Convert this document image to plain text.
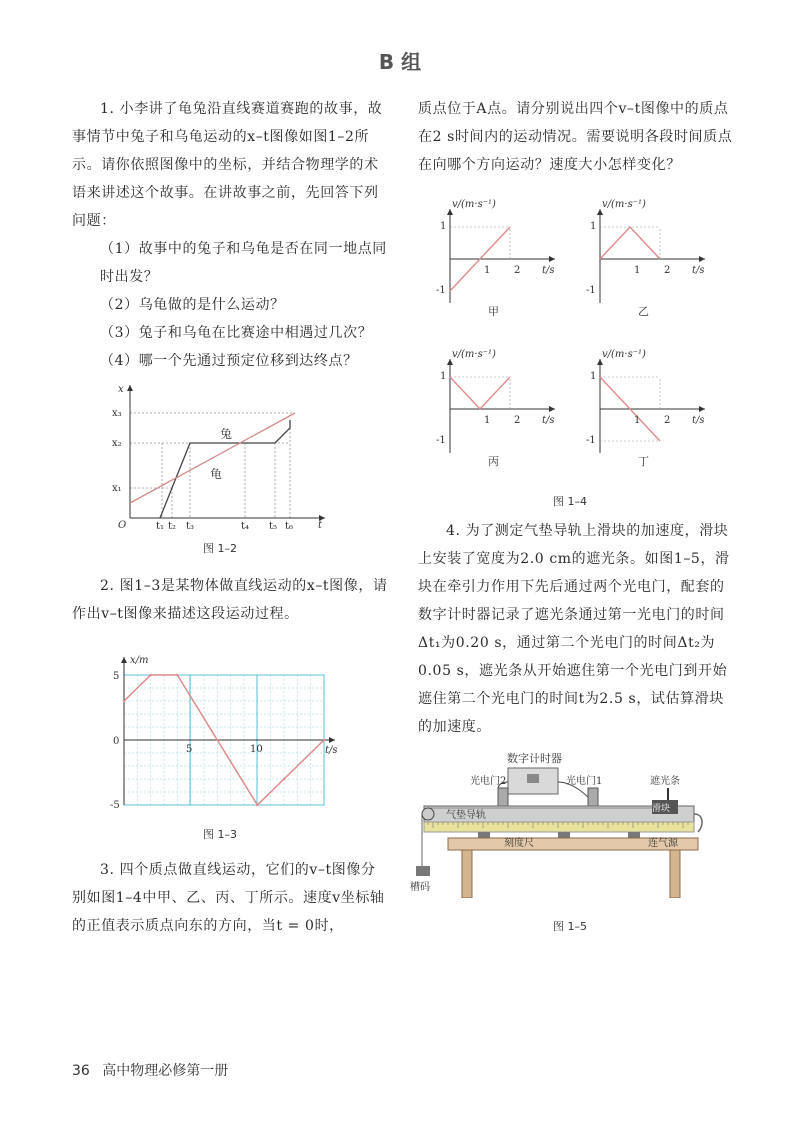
B 组

1. 小李讲了龟兔沿直线赛道赛跑的故事，故事情节中兔子和乌龟运动的x–t图像如图1–2所示。请你依照图像中的坐标，并结合物理学的术语来讲述这个故事。在讲故事之前，先回答下列问题：

（1）故事中的兔子和乌龟是否在同一地点同时出发？

（2）乌龟做的是什么运动？

（3）兔子和乌龟在比赛途中相遇过几次？

（4）哪一个先通过预定位移到达终点？

x
t
O
x₃
x₂
x₁
t₁ t₂ t₃	t₄ t₅ t₆
兔
龟
图 1–2

2. 图1–3是某物体做直线运动的x–t图像，请作出v–t图像来描述这段运动过程。

x/m
t/s
5
0
-5
5	10
图 1–3

3. 四个质点做直线运动，它们的v–t图像分别如图1–4中甲、乙、丙、丁所示。速度v坐标轴的正值表示质点向东的方向，当t = 0时，

质点位于A点。请分别说出四个v–t图像中的质点在2 s时间内的运动情况。需要说明各段时间质点在向哪个方向运动？速度大小怎样变化？

v/(m·s⁻¹)
t/s
1
-1
1 2
甲
v/(m·s⁻¹)
t/s
1
-1
1 2
乙
v/(m·s⁻¹)
t/s
1
-1
1 2
丙
v/(m·s⁻¹)
t/s
1
-1
1 2
丁
图 1–4

4. 为了测定气垫导轨上滑块的加速度，滑块上安装了宽度为2.0 cm的遮光条。如图1–5，滑块在牵引力作用下先后通过两个光电门，配套的数字计时器记录了遮光条通过第一光电门的时间Δt₁为0.20 s，通过第二个光电门的时间Δt₂为0.05 s，遮光条从开始遮住第一个光电门到开始遮住第二个光电门的时间t为2.5 s，试估算滑块的加速度。

数字计时器
光电门2	光电门1	遮光条
气垫导轨
滑块
刻度尺	连气源
槽码
图 1–5
36 高中物理必修第一册
